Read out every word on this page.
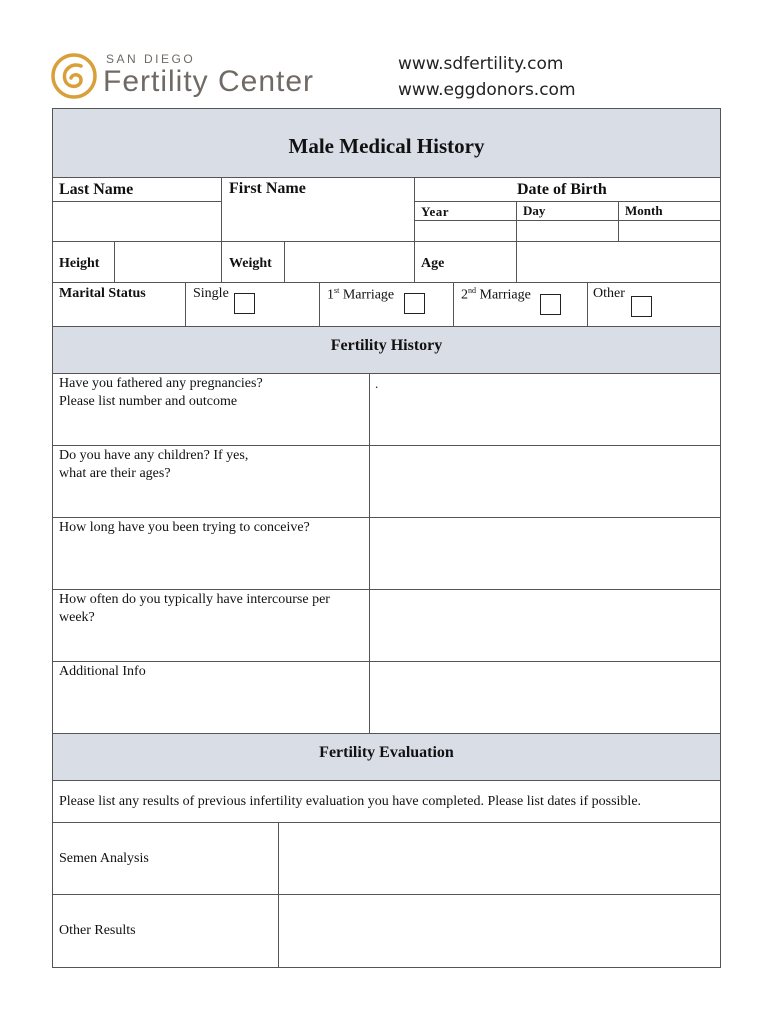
SAN DIEGO
Fertility Center
www.sdfertility.com
www.eggdonors.com
Male Medical History
Last Name	First Name	Date of Birth
Year	Day	Month
Height	Weight	Age
Marital Status	Single	1st Marriage	2nd Marriage	Other
Fertility History
Have you fathered any pregnancies? Please list number and outcome
.
Do you have any children? If yes, what are their ages?
How long have you been trying to conceive?
How often do you typically have intercourse per week?
Additional Info
Fertility Evaluation
Please list any results of previous infertility evaluation you have completed. Please list dates if possible.
Semen Analysis
Other Results
